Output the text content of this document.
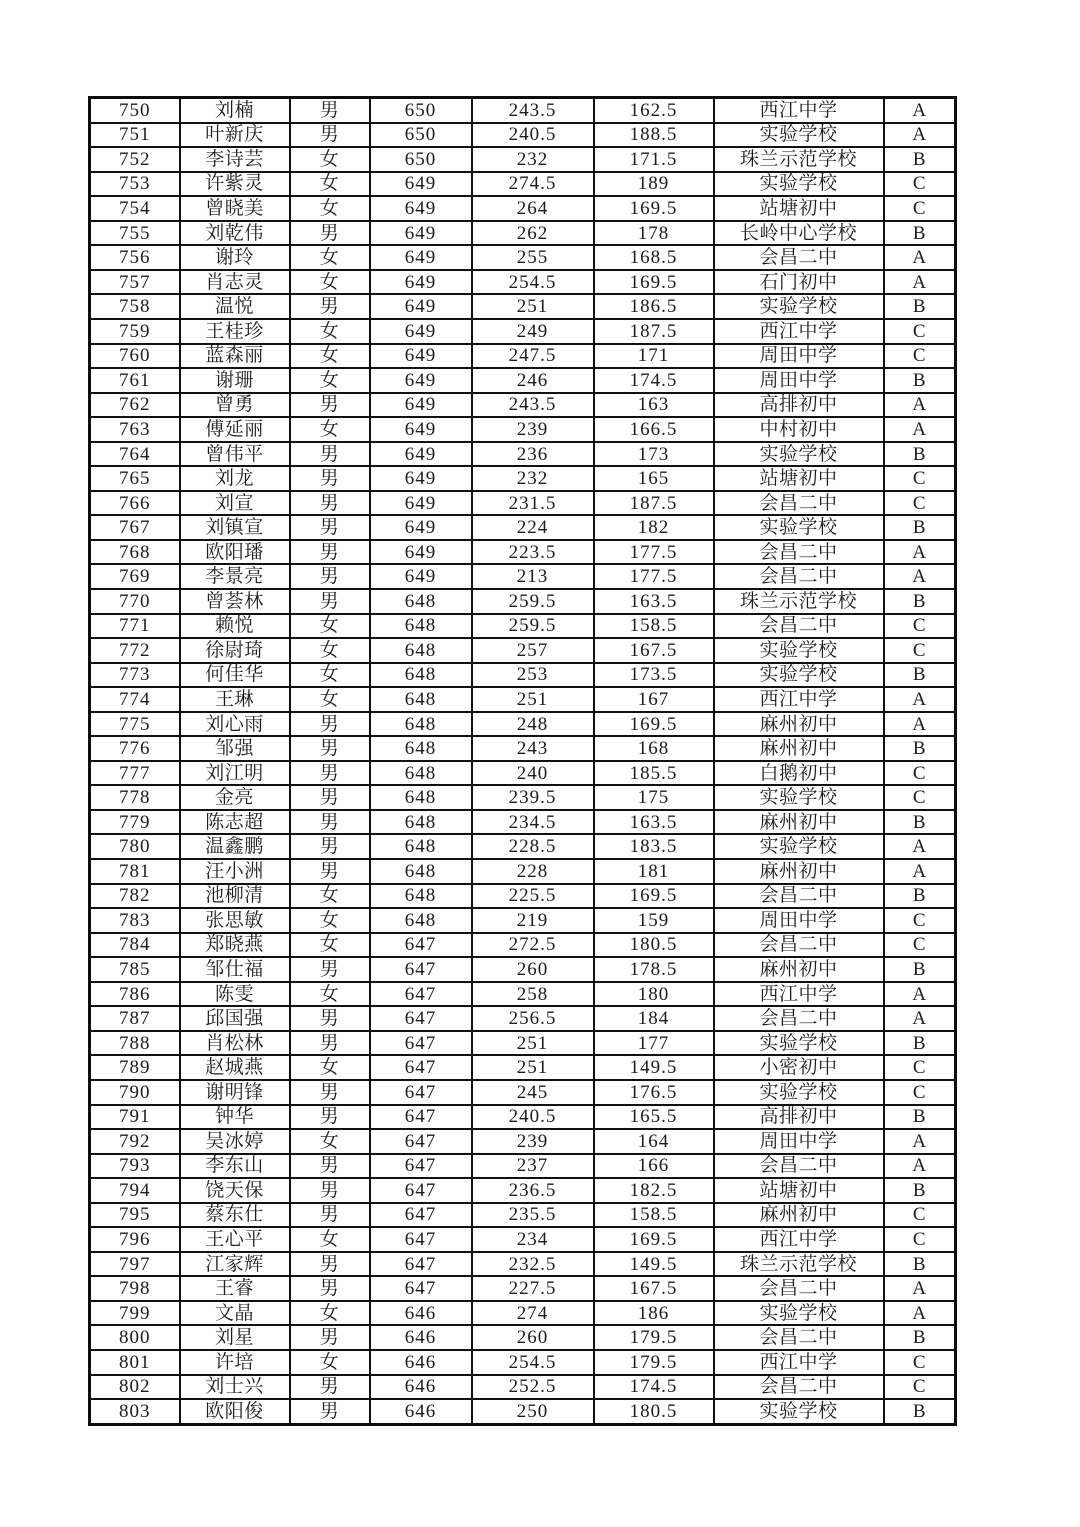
750	刘楠	男	650	243.5	162.5	西江中学	A
751	叶新庆	男	650	240.5	188.5	实验学校	A
752	李诗芸	女	650	232	171.5	珠兰示范学校	B
753	许紫灵	女	649	274.5	189	实验学校	C
754	曾晓美	女	649	264	169.5	站塘初中	C
755	刘乾伟	男	649	262	178	长岭中心学校	B
756	谢玲	女	649	255	168.5	会昌二中	A
757	肖志灵	女	649	254.5	169.5	石门初中	A
758	温悦	男	649	251	186.5	实验学校	B
759	王桂珍	女	649	249	187.5	西江中学	C
760	蓝森丽	女	649	247.5	171	周田中学	C
761	谢珊	女	649	246	174.5	周田中学	B
762	曾勇	男	649	243.5	163	高排初中	A
763	傅延丽	女	649	239	166.5	中村初中	A
764	曾伟平	男	649	236	173	实验学校	B
765	刘龙	男	649	232	165	站塘初中	C
766	刘宣	男	649	231.5	187.5	会昌二中	C
767	刘镇宣	男	649	224	182	实验学校	B
768	欧阳璠	男	649	223.5	177.5	会昌二中	A
769	李景亮	男	649	213	177.5	会昌二中	A
770	曾荟林	男	648	259.5	163.5	珠兰示范学校	B
771	赖悦	女	648	259.5	158.5	会昌二中	C
772	徐尉琦	女	648	257	167.5	实验学校	C
773	何佳华	女	648	253	173.5	实验学校	B
774	王琳	女	648	251	167	西江中学	A
775	刘心雨	男	648	248	169.5	麻州初中	A
776	邹强	男	648	243	168	麻州初中	B
777	刘江明	男	648	240	185.5	白鹅初中	C
778	金亮	男	648	239.5	175	实验学校	C
779	陈志超	男	648	234.5	163.5	麻州初中	B
780	温鑫鹏	男	648	228.5	183.5	实验学校	A
781	汪小洲	男	648	228	181	麻州初中	A
782	池柳清	女	648	225.5	169.5	会昌二中	B
783	张思敏	女	648	219	159	周田中学	C
784	郑晓燕	女	647	272.5	180.5	会昌二中	C
785	邹仕福	男	647	260	178.5	麻州初中	B
786	陈雯	女	647	258	180	西江中学	A
787	邱国强	男	647	256.5	184	会昌二中	A
788	肖松林	男	647	251	177	实验学校	B
789	赵城燕	女	647	251	149.5	小密初中	C
790	谢明锋	男	647	245	176.5	实验学校	C
791	钟华	男	647	240.5	165.5	高排初中	B
792	吴冰婷	女	647	239	164	周田中学	A
793	李东山	男	647	237	166	会昌二中	A
794	饶天保	男	647	236.5	182.5	站塘初中	B
795	蔡东仕	男	647	235.5	158.5	麻州初中	C
796	王心平	女	647	234	169.5	西江中学	C
797	江家辉	男	647	232.5	149.5	珠兰示范学校	B
798	王睿	男	647	227.5	167.5	会昌二中	A
799	文晶	女	646	274	186	实验学校	A
800	刘星	男	646	260	179.5	会昌二中	B
801	许培	女	646	254.5	179.5	西江中学	C
802	刘士兴	男	646	252.5	174.5	会昌二中	C
803	欧阳俊	男	646	250	180.5	实验学校	B
